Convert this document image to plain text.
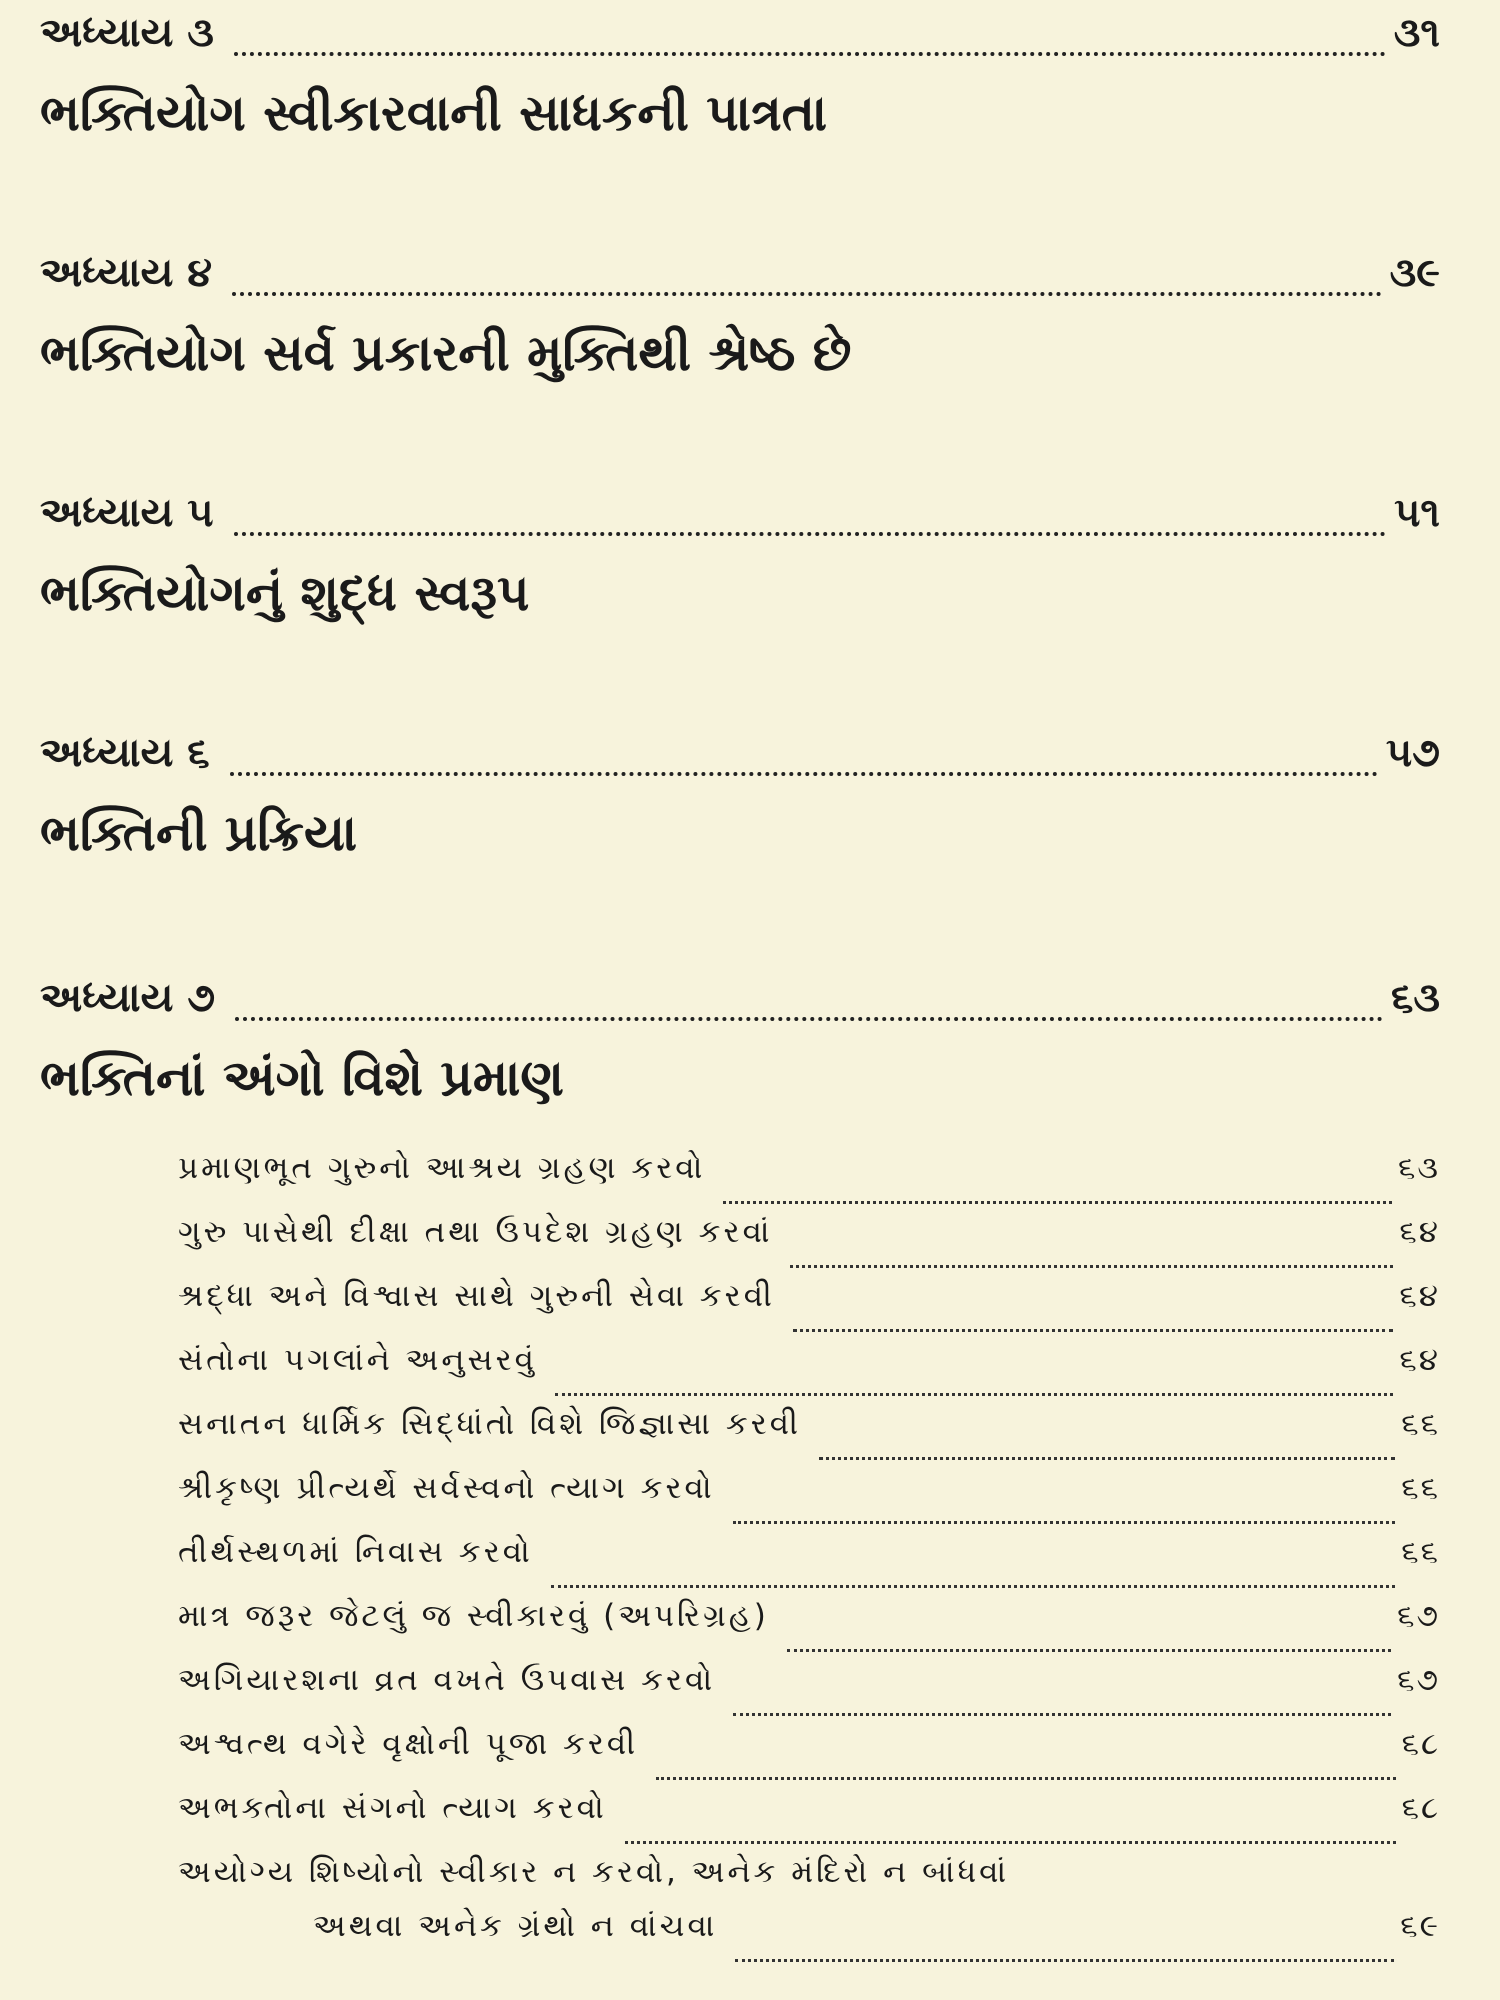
અધ્યાય ૩	૩૧
ભક્તિયોગ સ્વીકારવાની સાધકની પાત્રતા
અધ્યાય ૪	૩૯
ભક્તિયોગ સર્વ પ્રકારની મુક્તિથી શ્રેષ્ઠ છે
અધ્યાય ૫	૫૧
ભક્તિયોગનું શુદ્ધ સ્વરૂપ
અધ્યાય ૬	૫૭
ભક્તિની પ્રક્રિયા
અધ્યાય ૭	૬૩
ભક્તિનાં અંગો વિશે પ્રમાણ
પ્રમાણભૂત ગુરુનો આશ્રય ગ્રહણ કરવો	૬૩
ગુરુ પાસેથી દીક્ષા તથા ઉપદેશ ગ્રહણ કરવાં	૬૪
શ્રદ્ધા અને વિશ્વાસ સાથે ગુરુની સેવા કરવી	૬૪
સંતોના પગલાંને અનુસરવું	૬૪
સનાતન ધાર્મિક સિદ્ધાંતો વિશે જિજ્ઞાસા કરવી	૬૬
શ્રીકૃષ્ણ પ્રીત્યર્થે સર્વસ્વનો ત્યાગ કરવો	૬૬
તીર્થસ્થળમાં નિવાસ કરવો	૬૬
માત્ર જરૂર જેટલું જ સ્વીકારવું (અપરિગ્રહ)	૬૭
અગિયારશના વ્રત વખતે ઉપવાસ કરવો	૬૭
અશ્વત્થ વગેરે વૃક્ષોની પૂજા કરવી	૬૮
અભક્તોના સંગનો ત્યાગ કરવો	૬૮
અયોગ્ય શિષ્યોનો સ્વીકાર ન કરવો, અનેક મંદિરો ન બાંધવાં
અથવા અનેક ગ્રંથો ન વાંચવા	૬૯
